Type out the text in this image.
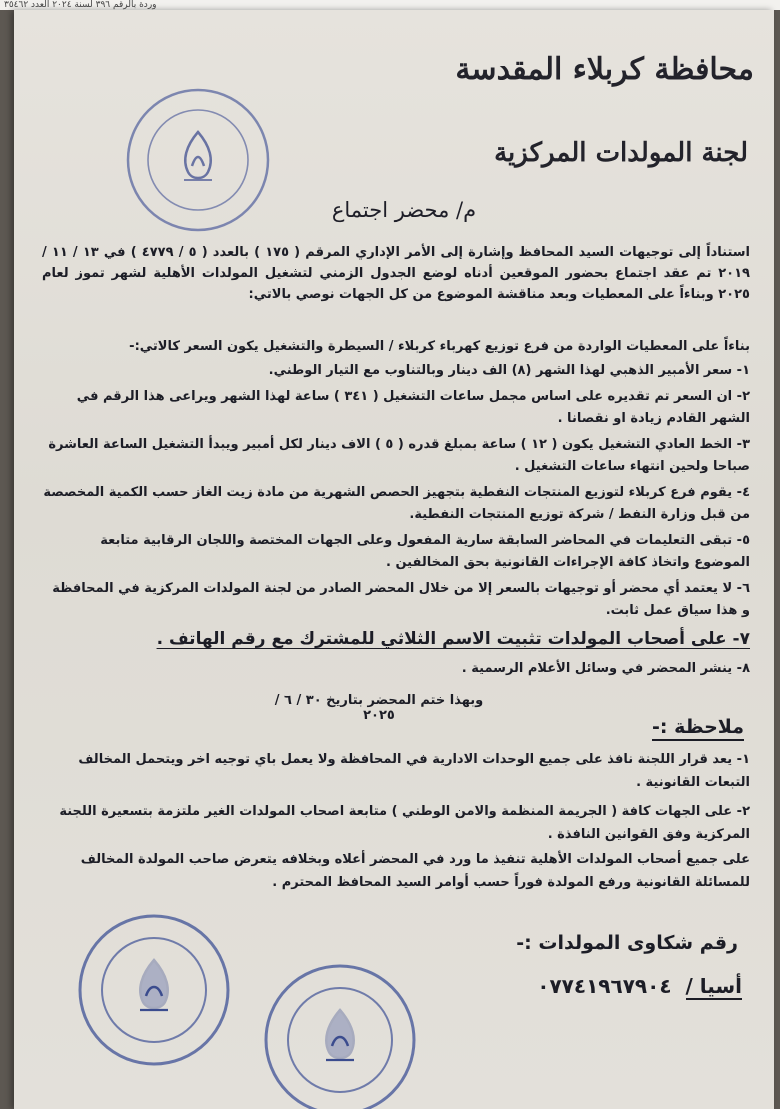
وردة بالرقم ٣٩٦ لسنة ٢٠٢٤ العدد ٣٥٤٦٢
محافظة كربلاء المقدسة
لجنة المولدات المركزية
م/ محضر اجتماع
استناداً إلى توجيهات السيد المحافظ وإشارة إلى الأمر الإداري المرقم ( ١٧٥ ) بالعدد ( ٥ / ٤٧٧٩ ) في ١٣ / ١١ / ٢٠١٩ تم عقد اجتماع بحضور الموقعين أدناه لوضع الجدول الزمني لتشغيل المولدات الأهلية لشهر تموز لعام ٢٠٢٥ وبناءاً على المعطيات وبعد مناقشة الموضوع من كل الجهات نوصي بالاتي:
بناءاً على المعطيات الواردة من فرع توزيع كهرباء كربلاء / السيطرة والتشغيل يكون السعر كالاتي:-
١- سعر الأمبير الذهبي لهذا الشهر (٨) الف دينار وبالتناوب مع التيار الوطني.
٢- ان السعر تم تقديره على اساس مجمل ساعات التشغيل ( ٣٤١ ) ساعة لهذا الشهر ويراعى هذا الرقم في الشهر القادم زيادة او نقصانا .
٣- الخط العادي التشغيل يكون ( ١٢ ) ساعة بمبلغ قدره ( ٥ ) الاف دينار لكل أمبير ويبدأ التشغيل الساعة العاشرة صباحا ولحين انتهاء ساعات التشغيل .
٤- يقوم فرع كربلاء لتوزيع المنتجات النفطية بتجهيز الحصص الشهرية من مادة زيت الغاز حسب الكمية المخصصة من قبل وزارة النفط / شركة توزيع المنتجات النفطية.
٥- تبقى التعليمات في المحاضر السابقة سارية المفعول وعلى الجهات المختصة واللجان الرقابية متابعة الموضوع واتخاذ كافة الإجراءات القانونية بحق المخالفين .
٦- لا يعتمد أي محضر أو توجيهات بالسعر إلا من خلال المحضر الصادر من لجنة المولدات المركزية في المحافظة و هذا سياق عمل ثابت.
٧- على أصحاب المولدات تثبيت الاسم الثلاثي للمشترك مع رقم الهاتف .
٨- ينشر المحضر في وسائل الأعلام الرسمية .
وبهذا ختم المحضر بتاريخ ٣٠ / ٦ /٢٠٢٥
ملاحظة :-
١- يعد قرار اللجنة نافذ على جميع الوحدات الادارية في المحافظة ولا يعمل باي توجيه اخر ويتحمل المخالف التبعات القانونية .
٢- على الجهات كافة ( الجريمة المنظمة والامن الوطني ) متابعة اصحاب المولدات الغير ملتزمة بتسعيرة اللجنة المركزية وفق القوانين النافذة .
على جميع أصحاب المولدات الأهلية تنفيذ ما ورد في المحضر أعلاه وبخلافه يتعرض صاحب المولدة المخالف للمسائلة القانونية ورفع المولدة فوراً حسب أوامر السيد المحافظ المحترم .
رقم شكاوى المولدات :-
أسيا /
٠٧٧٤١٩٦٧٩٠٤
